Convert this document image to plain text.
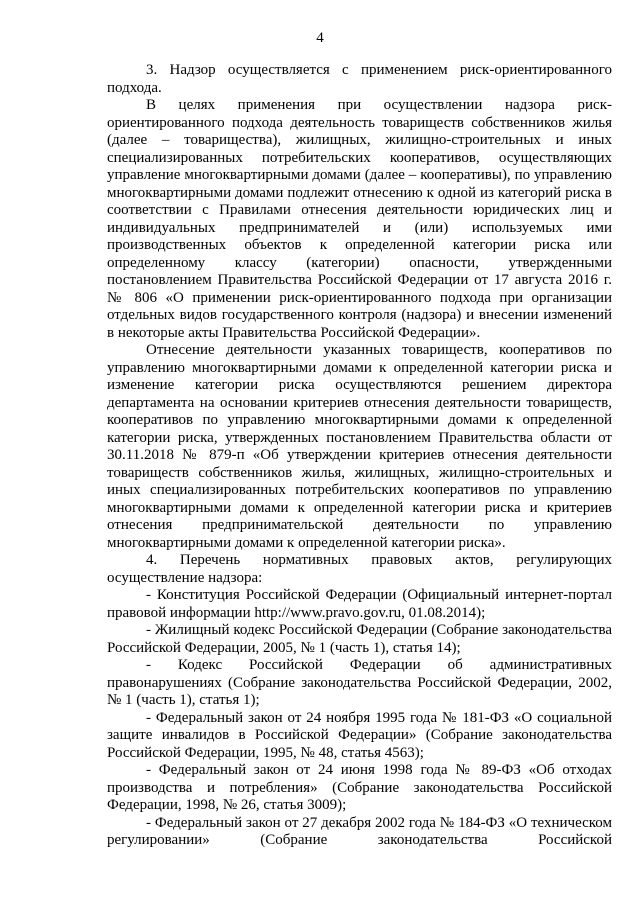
4

3. Надзор осуществляется с применением риск-ориентированного подхода.

В целях применения при осуществлении надзора риск-ориентированного подхода деятельность товариществ собственников жилья (далее – товарищества), жилищных, жилищно-строительных и иных специализированных потребительских кооперативов, осуществляющих управление многоквартирными домами (далее – кооперативы), по управлению многоквартирными домами подлежит отнесению к одной из категорий риска в соответствии с Правилами отнесения деятельности юридических лиц и индивидуальных предпринимателей и (или) используемых ими производственных объектов к определенной категории риска или определенному классу (категории) опасности, утвержденными постановлением Правительства Российской Федерации от 17 августа 2016 г. № 806 «О применении риск-ориентированного подхода при организации отдельных видов государственного контроля (надзора) и внесении изменений в некоторые акты Правительства Российской Федерации».

Отнесение деятельности указанных товариществ, кооперативов по управлению многоквартирными домами к определенной категории риска и изменение категории риска осуществляются решением директора департамента на основании критериев отнесения деятельности товариществ, кооперативов по управлению многоквартирными домами к определенной категории риска, утвержденных постановлением Правительства области от 30.11.2018 № 879-п «Об утверждении критериев отнесения деятельности товариществ собственников жилья, жилищных, жилищно-строительных и иных специализированных потребительских кооперативов по управлению многоквартирными домами к определенной категории риска и критериев отнесения предпринимательской деятельности по управлению многоквартирными домами к определенной категории риска».

4. Перечень нормативных правовых актов, регулирующих осуществление надзора:

- Конституция Российской Федерации (Официальный интернет-портал правовой информации http://www.pravo.gov.ru, 01.08.2014);

- Жилищный кодекс Российской Федерации (Собрание законодательства Российской Федерации, 2005, № 1 (часть 1), статья 14);

- Кодекс Российской Федерации об административных правонарушениях (Собрание законодательства Российской Федерации, 2002, № 1 (часть 1), статья 1);

- Федеральный закон от 24 ноября 1995 года № 181-ФЗ «О социальной защите инвалидов в Российской Федерации» (Собрание законодательства Российской Федерации, 1995, № 48, статья 4563);

- Федеральный закон от 24 июня 1998 года № 89-ФЗ «Об отходах производства и потребления» (Собрание законодательства Российской Федерации, 1998, № 26, статья 3009);

- Федеральный закон от 27 декабря 2002 года № 184-ФЗ «О техническом регулировании» (Собрание законодательства Российской
